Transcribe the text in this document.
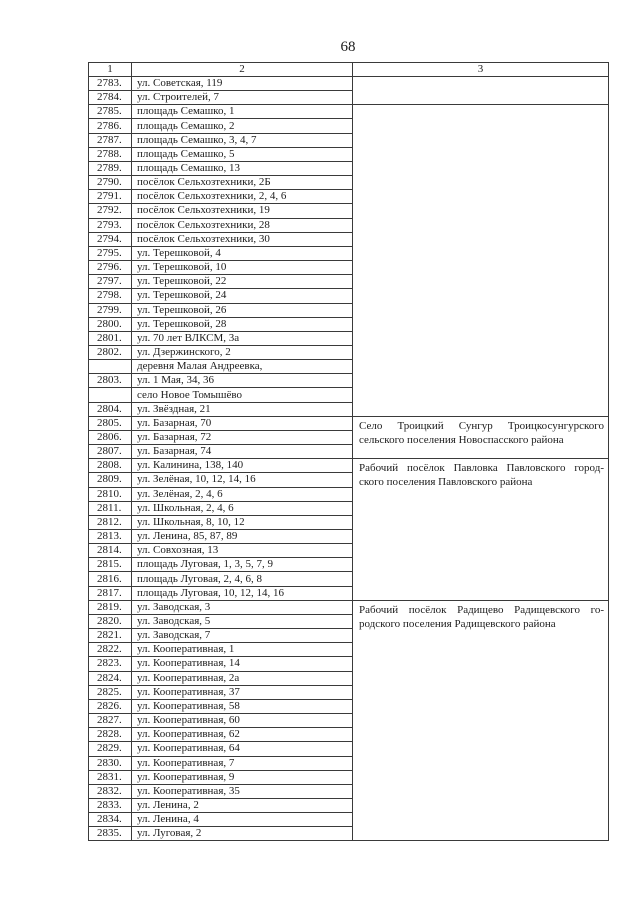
68
1	2	3
2783.	ул. Советская, 119	
2784.	ул. Строителей, 7	
2785.	площадь Семашко, 1	
2786.	площадь Семашко, 2	
2787.	площадь Семашко, 3, 4, 7	
2788.	площадь Семашко, 5	
2789.	площадь Семашко, 13	
2790.	посёлок Сельхозтехники, 2Б	
2791.	посёлок Сельхозтехники, 2, 4, 6	
2792.	посёлок Сельхозтехники, 19	
2793.	посёлок Сельхозтехники, 28	
2794.	посёлок Сельхозтехники, 30	
2795.	ул. Терешковой, 4	
2796.	ул. Терешковой, 10	
2797.	ул. Терешковой, 22	
2798.	ул. Терешковой, 24	
2799.	ул. Терешковой, 26	
2800.	ул. Терешковой, 28	
2801.	ул. 70 лет ВЛКСМ, 3а	
2802.	ул. Дзержинского, 2	
	деревня Малая Андреевка,	
2803.	ул. 1 Мая, 34, 36	
	село Новое Томышёво	
2804.	ул. Звёздная, 21	
2805.	ул. Базарная, 70	Село Троицкий Сунгур Троицкосунгурского
сельского поселения Новоспасского района

2806.	ул. Базарная, 72	
2807.	ул. Базарная, 74	
2808.	ул. Калинина, 138, 140	Рабочий посёлок Павловка Павловского город-
ского поселения Павловского района

2809.	ул. Зелёная, 10, 12, 14, 16	
2810.	ул. Зелёная, 2, 4, 6	
2811.	ул. Школьная, 2, 4, 6	
2812.	ул. Школьная, 8, 10, 12	
2813.	ул. Ленина, 85, 87, 89	
2814.	ул. Совхозная, 13	
2815.	площадь Луговая, 1, 3, 5, 7, 9	
2816.	площадь Луговая, 2, 4, 6, 8	
2817.	площадь Луговая, 10, 12, 14, 16	
2819.	ул. Заводская, 3	Рабочий посёлок Радищево Радищевского го-
родского поселения Радищевского района

2820.	ул. Заводская, 5	
2821.	ул. Заводская, 7	
2822.	ул. Кооперативная, 1	
2823.	ул. Кооперативная, 14	
2824.	ул. Кооперативная, 2а	
2825.	ул. Кооперативная, 37	
2826.	ул. Кооперативная, 58	
2827.	ул. Кооперативная, 60	
2828.	ул. Кооперативная, 62	
2829.	ул. Кооперативная, 64	
2830.	ул. Кооперативная, 7	
2831.	ул. Кооперативная, 9	
2832.	ул. Кооперативная, 35	
2833.	ул. Ленина, 2	
2834.	ул. Ленина, 4	
2835.	ул. Луговая, 2	
